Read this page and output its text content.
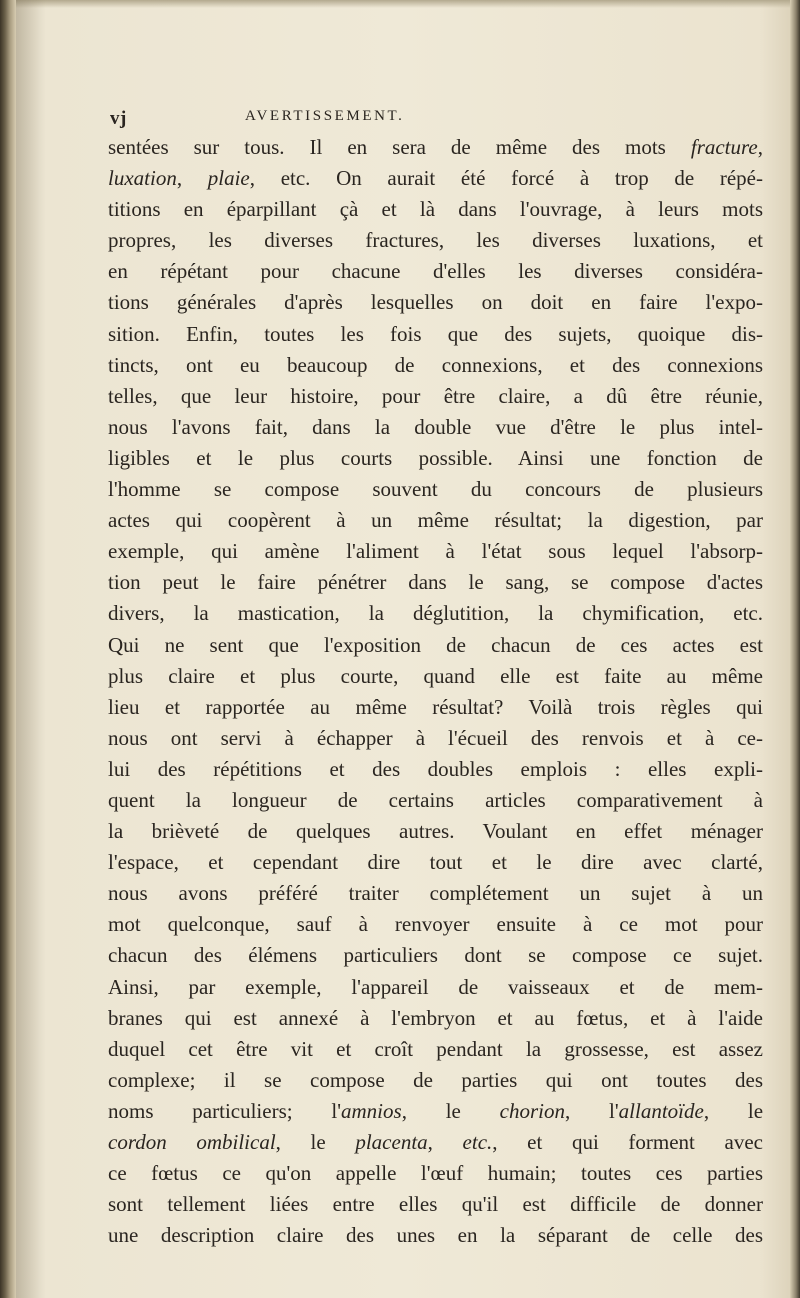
vj	AVERTISSEMENT.
sentées sur tous. Il en sera de même des mots fracture,
luxation, plaie, etc. On aurait été forcé à trop de répé-
titions en éparpillant çà et là dans l'ouvrage, à leurs mots
propres, les diverses fractures, les diverses luxations, et
en répétant pour chacune d'elles les diverses considéra-
tions générales d'après lesquelles on doit en faire l'expo-
sition. Enfin, toutes les fois que des sujets, quoique dis-
tincts, ont eu beaucoup de connexions, et des connexions
telles, que leur histoire, pour être claire, a dû être réunie,
nous l'avons fait, dans la double vue d'être le plus intel-
ligibles et le plus courts possible. Ainsi une fonction de
l'homme se compose souvent du concours de plusieurs
actes qui coopèrent à un même résultat; la digestion, par
exemple, qui amène l'aliment à l'état sous lequel l'absorp-
tion peut le faire pénétrer dans le sang, se compose d'actes
divers, la mastication, la déglutition, la chymification, etc.
Qui ne sent que l'exposition de chacun de ces actes est
plus claire et plus courte, quand elle est faite au même
lieu et rapportée au même résultat? Voilà trois règles qui
nous ont servi à échapper à l'écueil des renvois et à ce-
lui des répétitions et des doubles emplois : elles expli-
quent la longueur de certains articles comparativement à
la brièveté de quelques autres. Voulant en effet ménager
l'espace, et cependant dire tout et le dire avec clarté,
nous avons préféré traiter complétement un sujet à un
mot quelconque, sauf à renvoyer ensuite à ce mot pour
chacun des élémens particuliers dont se compose ce sujet.
Ainsi, par exemple, l'appareil de vaisseaux et de mem-
branes qui est annexé à l'embryon et au fœtus, et à l'aide
duquel cet être vit et croît pendant la grossesse, est assez
complexe; il se compose de parties qui ont toutes des
noms particuliers; l'amnios, le chorion, l'allantoïde, le
cordon ombilical, le placenta, etc., et qui forment avec
ce fœtus ce qu'on appelle l'œuf humain; toutes ces parties
sont tellement liées entre elles qu'il est difficile de donner
une description claire des unes en la séparant de celle des
